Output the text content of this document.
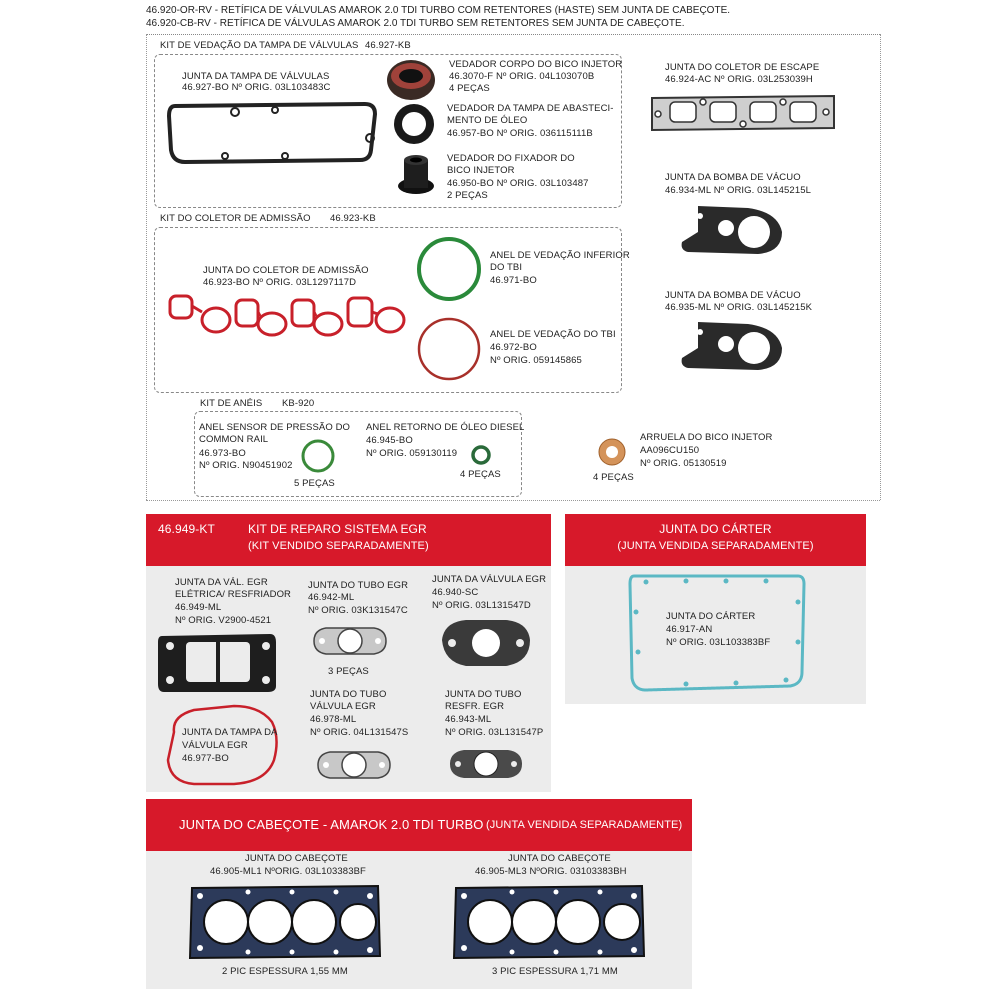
46.920-OR-RV - RETÍFICA DE VÁLVULAS AMAROK 2.0 TDI TURBO COM RETENTORES (HASTE) SEM JUNTA DE CABEÇOTE.
46.920-CB-RV - RETÍFICA DE VÁLVULAS AMAROK 2.0 TDI TURBO SEM RETENTORES SEM JUNTA DE CABEÇOTE.
KIT DE VEDAÇÃO DA TAMPA DE VÁLVULAS 46.927-KB
JUNTA DA TAMPA DE VÁLVULAS
46.927-BO Nº ORIG. 03L103483C
VEDADOR CORPO DO BICO INJETOR
46.3070-F Nº ORIG. 04L103070B
4 PEÇAS
VEDADOR DA TAMPA DE ABASTECI-
MENTO DE ÓLEO
46.957-BO Nº ORIG. 036115111B
VEDADOR DO FIXADOR DO
BICO INJETOR
46.950-BO Nº ORIG. 03L103487
2 PEÇAS
KIT DO COLETOR DE ADMISSÃO 46.923-KB
JUNTA DO COLETOR DE ADMISSÃO
46.923-BO Nº ORIG. 03L1297117D
ANEL DE VEDAÇÃO INFERIOR
DO TBI
46.971-BO
ANEL DE VEDAÇÃO DO TBI
46.972-BO
Nº ORIG. 059145865
KIT DE ANÉIS KB-920
ANEL SENSOR DE PRESSÃO DO
COMMON RAIL
46.973-BO
Nº ORIG. N90451902
5 PEÇAS
ANEL RETORNO DE ÓLEO DIESEL
46.945-BO
Nº ORIG. 059130119
4 PEÇAS
JUNTA DO COLETOR DE ESCAPE
46.924-AC Nº ORIG. 03L253039H
JUNTA DA BOMBA DE VÁCUO
46.934-ML Nº ORIG. 03L145215L
JUNTA DA BOMBA DE VÁCUO
46.935-ML Nº ORIG. 03L145215K
ARRUELA DO BICO INJETOR
AA096CU150
Nº ORIG. 05130519
4 PEÇAS
46.949-KT	KIT DE REPARO SISTEMA EGR
(KIT VENDIDO SEPARADAMENTE)
JUNTA DA VÁL. EGR
ELÉTRICA/ RESFRIADOR
46.949-ML
Nº ORIG. V2900-4521
JUNTA DO TUBO EGR
46.942-ML
Nº ORIG. 03K131547C
3 PEÇAS
JUNTA DA VÁLVULA EGR
46.940-SC
Nº ORIG. 03L131547D
JUNTA DA TAMPA DA
VÁLVULA EGR
46.977-BO
JUNTA DO TUBO
VÁLVULA EGR
46.978-ML
Nº ORIG. 04L131547S
JUNTA DO TUBO
RESFR. EGR
46.943-ML
Nº ORIG. 03L131547P
JUNTA DO CÁRTER
(JUNTA VENDIDA SEPARADAMENTE)
JUNTA DO CÁRTER
46.917-AN
Nº ORIG. 03L103383BF
JUNTA DO CABEÇOTE - AMAROK 2.0 TDI TURBO (JUNTA VENDIDA SEPARADAMENTE)
JUNTA DO CABEÇOTE
46.905-ML1 NºORIG. 03L103383BF
2 PIC ESPESSURA 1,55 MM
JUNTA DO CABEÇOTE
46.905-ML3 NºORIG. 03103383BH
3 PIC ESPESSURA 1,71 MM
